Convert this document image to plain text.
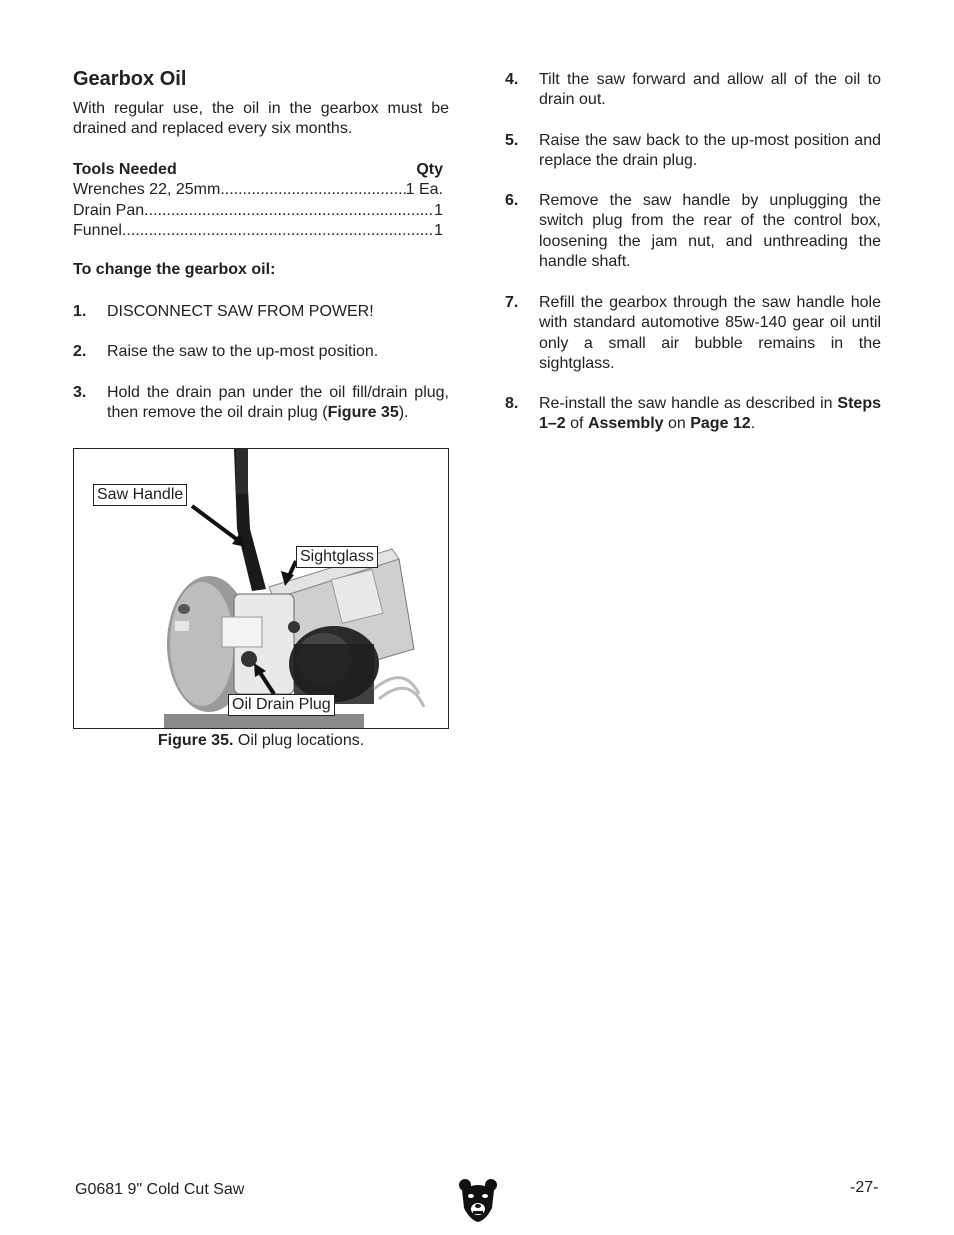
Gearbox Oil
With regular use, the oil in the gearbox must be drained and replaced every six months.
Tools Needed	Qty
Wrenches 22, 25mm .....	1 Ea.
Drain Pan .....	1
Funnel .....	1
To change the gearbox oil:
1.	DISCONNECT SAW FROM POWER!
2.	Raise the saw to the up-most position.
3.	Hold the drain pan under the oil fill/drain plug, then remove the oil drain plug (Figure 35).
Saw Handle
Sightglass
Oil Drain Plug
Figure 35. Oil plug locations.
4.	Tilt the saw forward and allow all of the oil to drain out.
5.	Raise the saw back to the up-most position and replace the drain plug.
6.	Remove the saw handle by unplugging the switch plug from the rear of the control box, loosening the jam nut, and unthreading the handle shaft.
7.	Refill the gearbox through the saw handle hole with standard automotive 85w-140 gear oil until only a small air bubble remains in the sightglass.
8.	Re-install the saw handle as described in Steps 1–2 of Assembly on Page 12.
G0681 9" Cold Cut Saw	-27-
